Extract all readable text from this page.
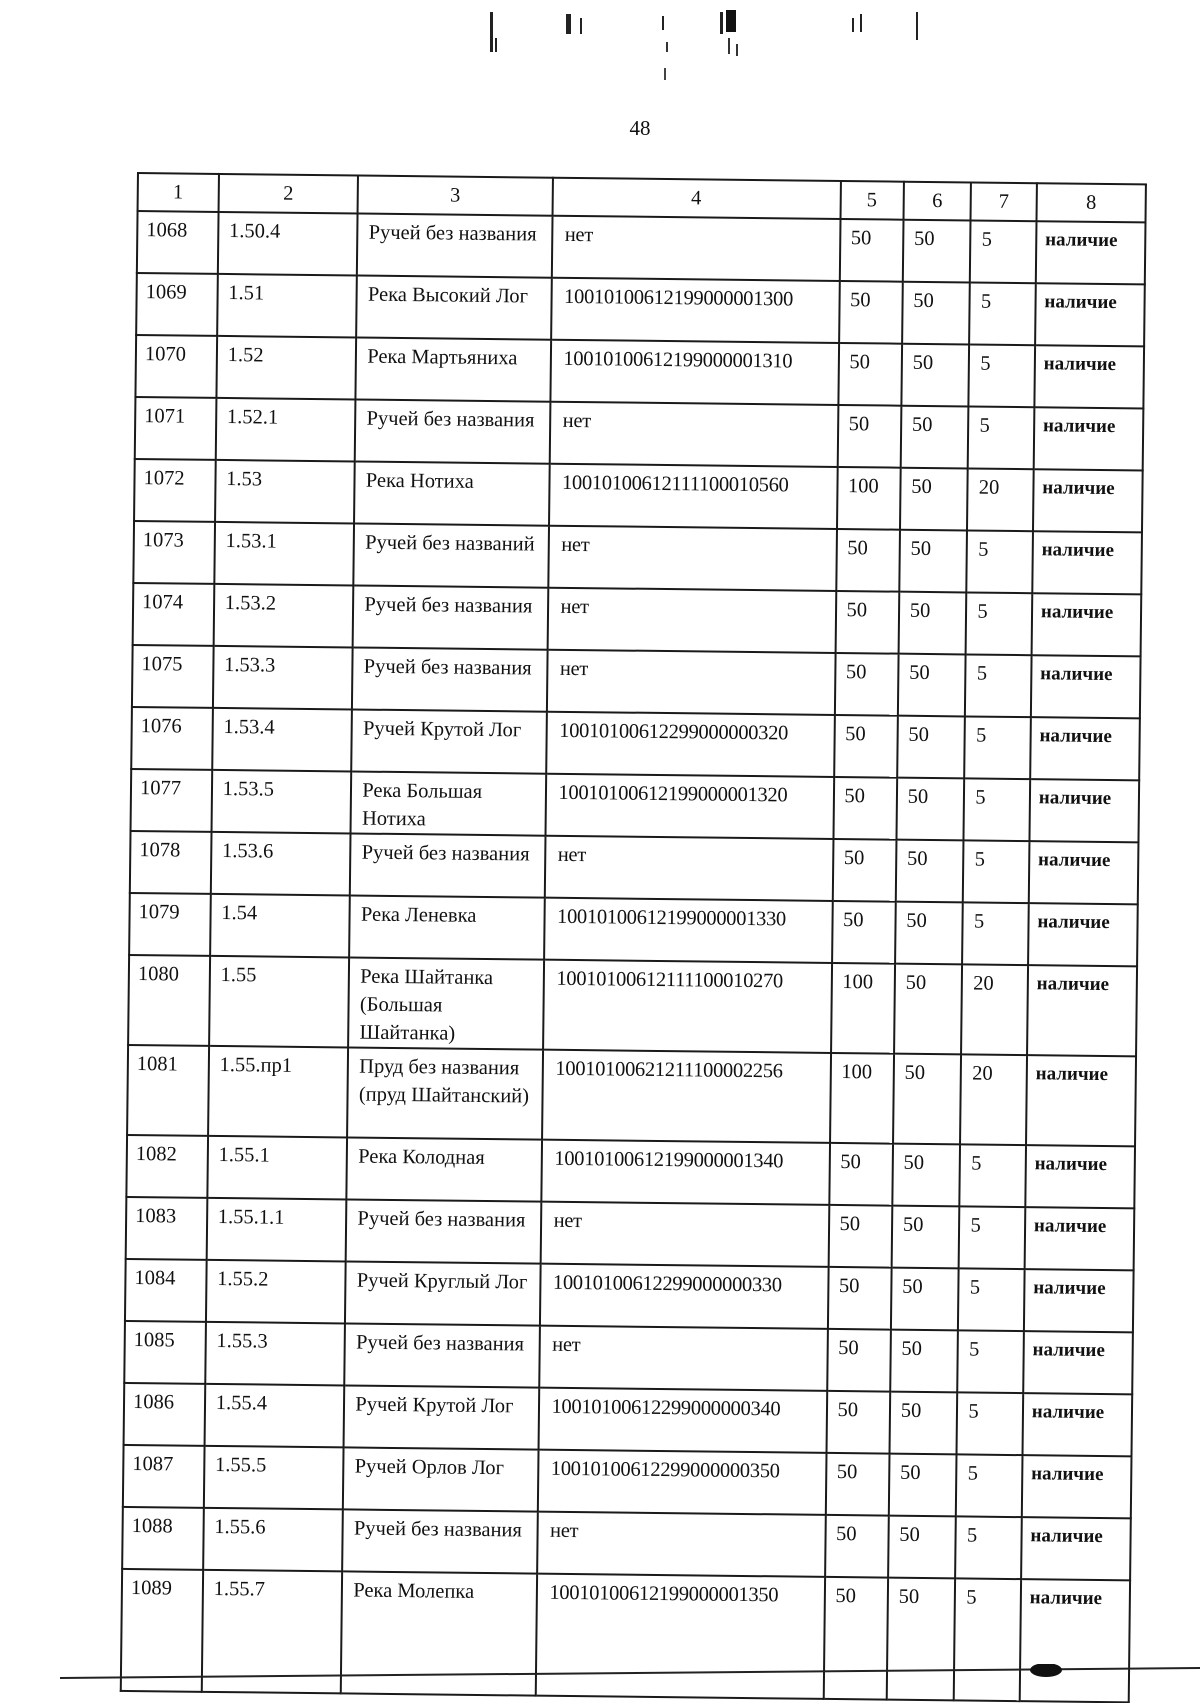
48
1	2	3	4	5	6	7	8
1068	1.50.4	Ручей без названия	нет	50	50	5	наличие
1069	1.51	Река Высокий Лог	10010100612199000001300	50	50	5	наличие
1070	1.52	Река Мартьяниха	10010100612199000001310	50	50	5	наличие
1071	1.52.1	Ручей без названия	нет	50	50	5	наличие
1072	1.53	Река Нотиха	10010100612111100010560	100	50	20	наличие
1073	1.53.1	Ручей без названий	нет	50	50	5	наличие
1074	1.53.2	Ручей без названия	нет	50	50	5	наличие
1075	1.53.3	Ручей без названия	нет	50	50	5	наличие
1076	1.53.4	Ручей Крутой Лог	10010100612299000000320	50	50	5	наличие
1077	1.53.5	Река Большая Нотиха	10010100612199000001320	50	50	5	наличие
1078	1.53.6	Ручей без названия	нет	50	50	5	наличие
1079	1.54	Река Леневка	10010100612199000001330	50	50	5	наличие
1080	1.55	Река Шайтанка (Большая Шайтанка)	10010100612111100010270	100	50	20	наличие
1081	1.55.пр1	Пруд без названия (пруд Шайтанский)	10010100621211100002256	100	50	20	наличие
1082	1.55.1	Река Колодная	10010100612199000001340	50	50	5	наличие
1083	1.55.1.1	Ручей без названия	нет	50	50	5	наличие
1084	1.55.2	Ручей Круглый Лог	10010100612299000000330	50	50	5	наличие
1085	1.55.3	Ручей без названия	нет	50	50	5	наличие
1086	1.55.4	Ручей Крутой Лог	10010100612299000000340	50	50	5	наличие
1087	1.55.5	Ручей Орлов Лог	10010100612299000000350	50	50	5	наличие
1088	1.55.6	Ручей без названия	нет	50	50	5	наличие
1089	1.55.7	Река Молепка	10010100612199000001350	50	50	5	наличие
